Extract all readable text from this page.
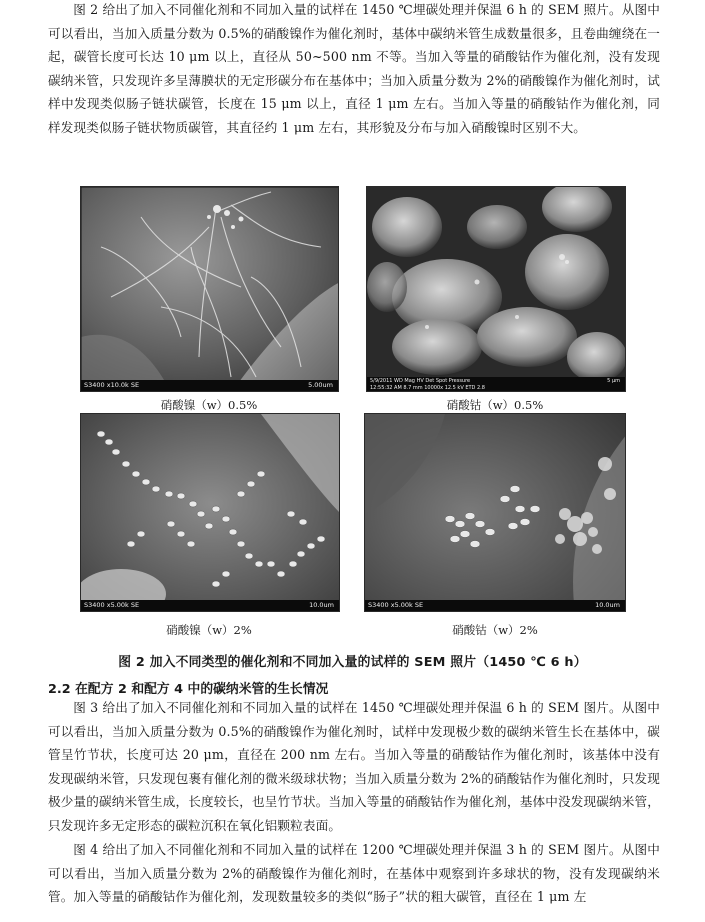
图 2 给出了加入不同催化剂和不同加入量的试样在 1450 ℃埋碳处理并保温 6 h 的 SEM 照片。从图中可以看出，当加入质量分数为 0.5%的硝酸镍作为催化剂时，基体中碳纳米管生成数量很多，且卷曲缠绕在一起，碳管长度可长达 10 μm 以上，直径从 50~500 nm 不等。当加入等量的硝酸钴作为催化剂，没有发现碳纳米管，只发现许多呈薄膜状的无定形碳分布在基体中；当加入质量分数为 2%的硝酸镍作为催化剂时，试样中发现类似肠子链状碳管，长度在 15 μm 以上，直径 1 μm 左右。当加入等量的硝酸钴作为催化剂，同样发现类似肠子链状物质碳管，其直径约 1 μm 左右，其形貌及分布与加入硝酸镍时区别不大。
S3400 x10.0k SE	5.00um	5/9/2011 WD Mag HV Det Spot Pressure
12:55:32 AM 8.7 mm 10000x 12.5 kV ETD 2.8
5 μm
硝酸镍（w）0.5%	硝酸钴（w）0.5%
S3400 x5.00k SE	10.0um	S3400 x5.00k SE	10.0um
硝酸镍（w）2%	硝酸钴（w）2%
图 2 加入不同类型的催化剂和不同加入量的试样的 SEM 照片（1450 ℃ 6 h）
2.2 在配方 2 和配方 4 中的碳纳米管的生长情况
图 3 给出了加入不同催化剂和不同加入量的试样在 1450 ℃埋碳处理并保温 6 h 的 SEM 图片。从图中可以看出，当加入质量分数为 0.5%的硝酸镍作为催化剂时，试样中发现极少数的碳纳米管生长在基体中，碳管呈竹节状，长度可达 20 μm，直径在 200 nm 左右。当加入等量的硝酸钴作为催化剂时，该基体中没有发现碳纳米管，只发现包裹有催化剂的微米级球状物；当加入质量分数为 2%的硝酸钴作为催化剂时，只发现极少量的碳纳米管生成，长度较长，也呈竹节状。当加入等量的硝酸钴作为催化剂，基体中没发现碳纳米管，只发现许多无定形态的碳粒沉积在氧化铝颗粒表面。
图 4 给出了加入不同催化剂和不同加入量的试样在 1200 ℃埋碳处理并保温 3 h 的 SEM 图片。从图中可以看出，当加入质量分数为 2%的硝酸镍作为催化剂时，在基体中观察到许多球状的物，没有发现碳纳米管。加入等量的硝酸钴作为催化剂，发现数量较多的类似“肠子”状的粗大碳管，直径在 1 μm 左
